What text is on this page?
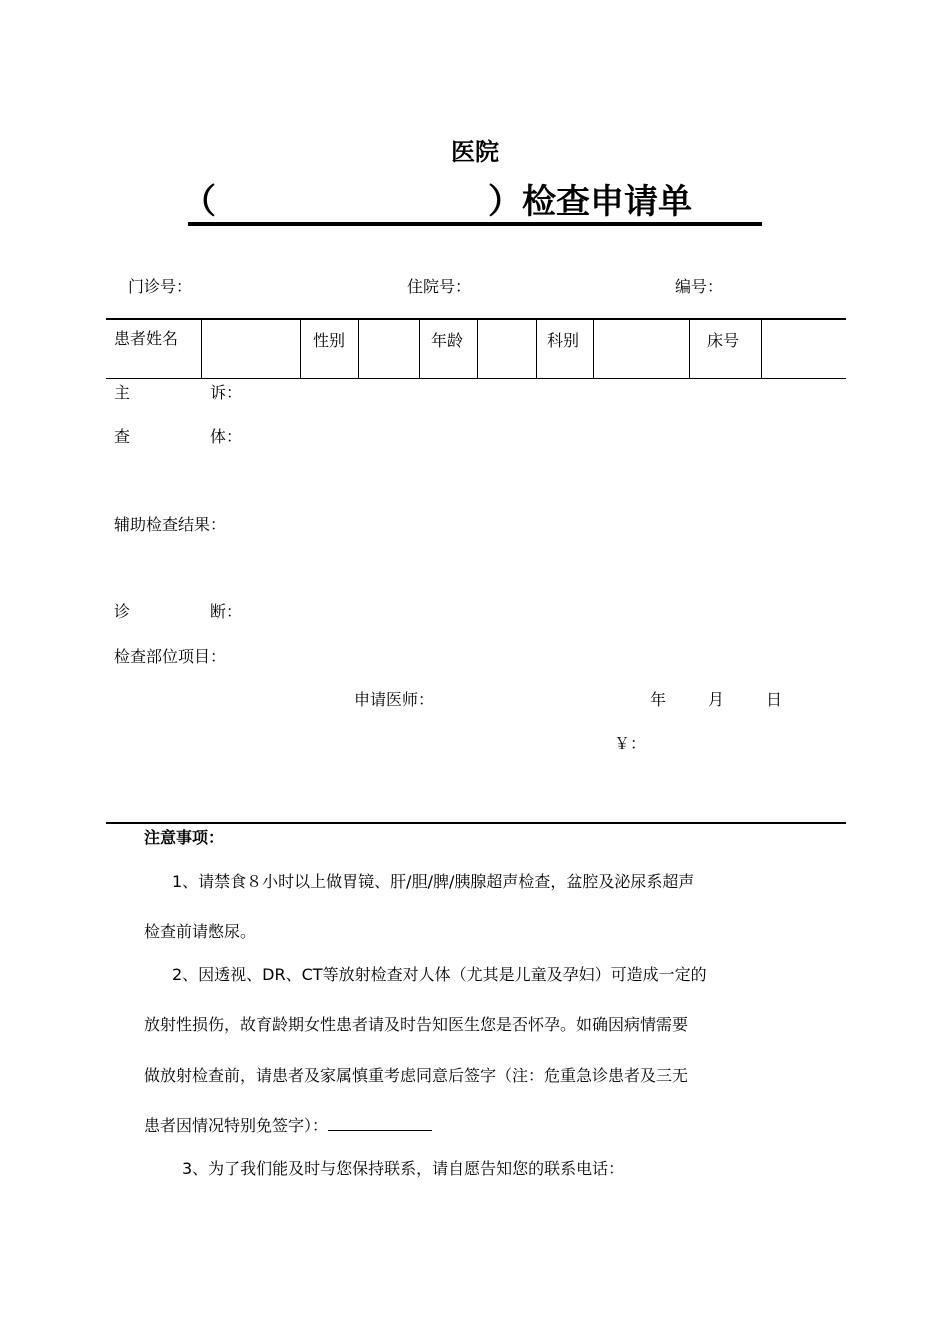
医院
（	）检查申请单
门诊号：	住院号：	编号：
患者姓名	性别	年龄	科别	床号
主	诉：
查	体：
辅助检查结果：
诊	断：
检查部位项目：
申请医师：	年	月	日
￥：
注意事项：
1、请禁食８小时以上做胃镜、肝/胆/脾/胰腺超声检查，盆腔及泌尿系超声
检查前请憋尿。
2、因透视、DR、CT等放射检查对人体（尤其是儿童及孕妇）可造成一定的
放射性损伤，故育龄期女性患者请及时告知医生您是否怀孕。如确因病情需要
做放射检查前，请患者及家属慎重考虑同意后签字（注：危重急诊患者及三无
患者因情况特别免签字）：
3、为了我们能及时与您保持联系，请自愿告知您的联系电话：
